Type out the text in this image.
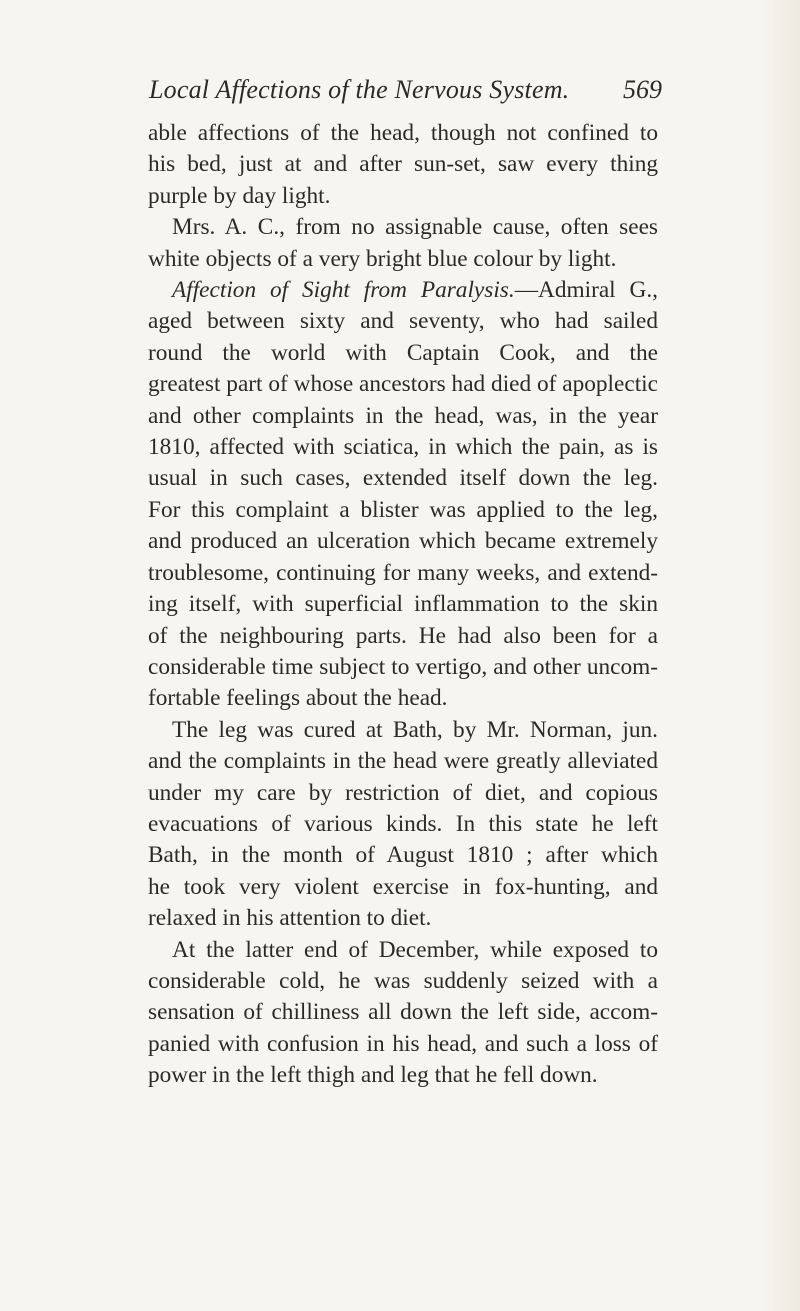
Local Affections of the Nervous System. 569

able affections of the head, though not confined to
his bed, just at and after sun-set, saw every thing
purple by day light.

Mrs. A. C., from no assignable cause, often sees
white objects of a very bright blue colour by light.

Affection of Sight from Paralysis.—Admiral G.,
aged between sixty and seventy, who had sailed
round the world with Captain Cook, and the
greatest part of whose ancestors had died of apoplectic
and other complaints in the head, was, in the year
1810, affected with sciatica, in which the pain, as is
usual in such cases, extended itself down the leg.
For this complaint a blister was applied to the leg,
and produced an ulceration which became extremely
troublesome, continuing for many weeks, and extend-
ing itself, with superficial inflammation to the skin
of the neighbouring parts. He had also been for a
considerable time subject to vertigo, and other uncom-
fortable feelings about the head.

The leg was cured at Bath, by Mr. Norman, jun.
and the complaints in the head were greatly alleviated
under my care by restriction of diet, and copious
evacuations of various kinds. In this state he left
Bath, in the month of August 1810 ; after which
he took very violent exercise in fox-hunting, and
relaxed in his attention to diet.

At the latter end of December, while exposed to
considerable cold, he was suddenly seized with a
sensation of chilliness all down the left side, accom-
panied with confusion in his head, and such a loss of
power in the left thigh and leg that he fell down.
